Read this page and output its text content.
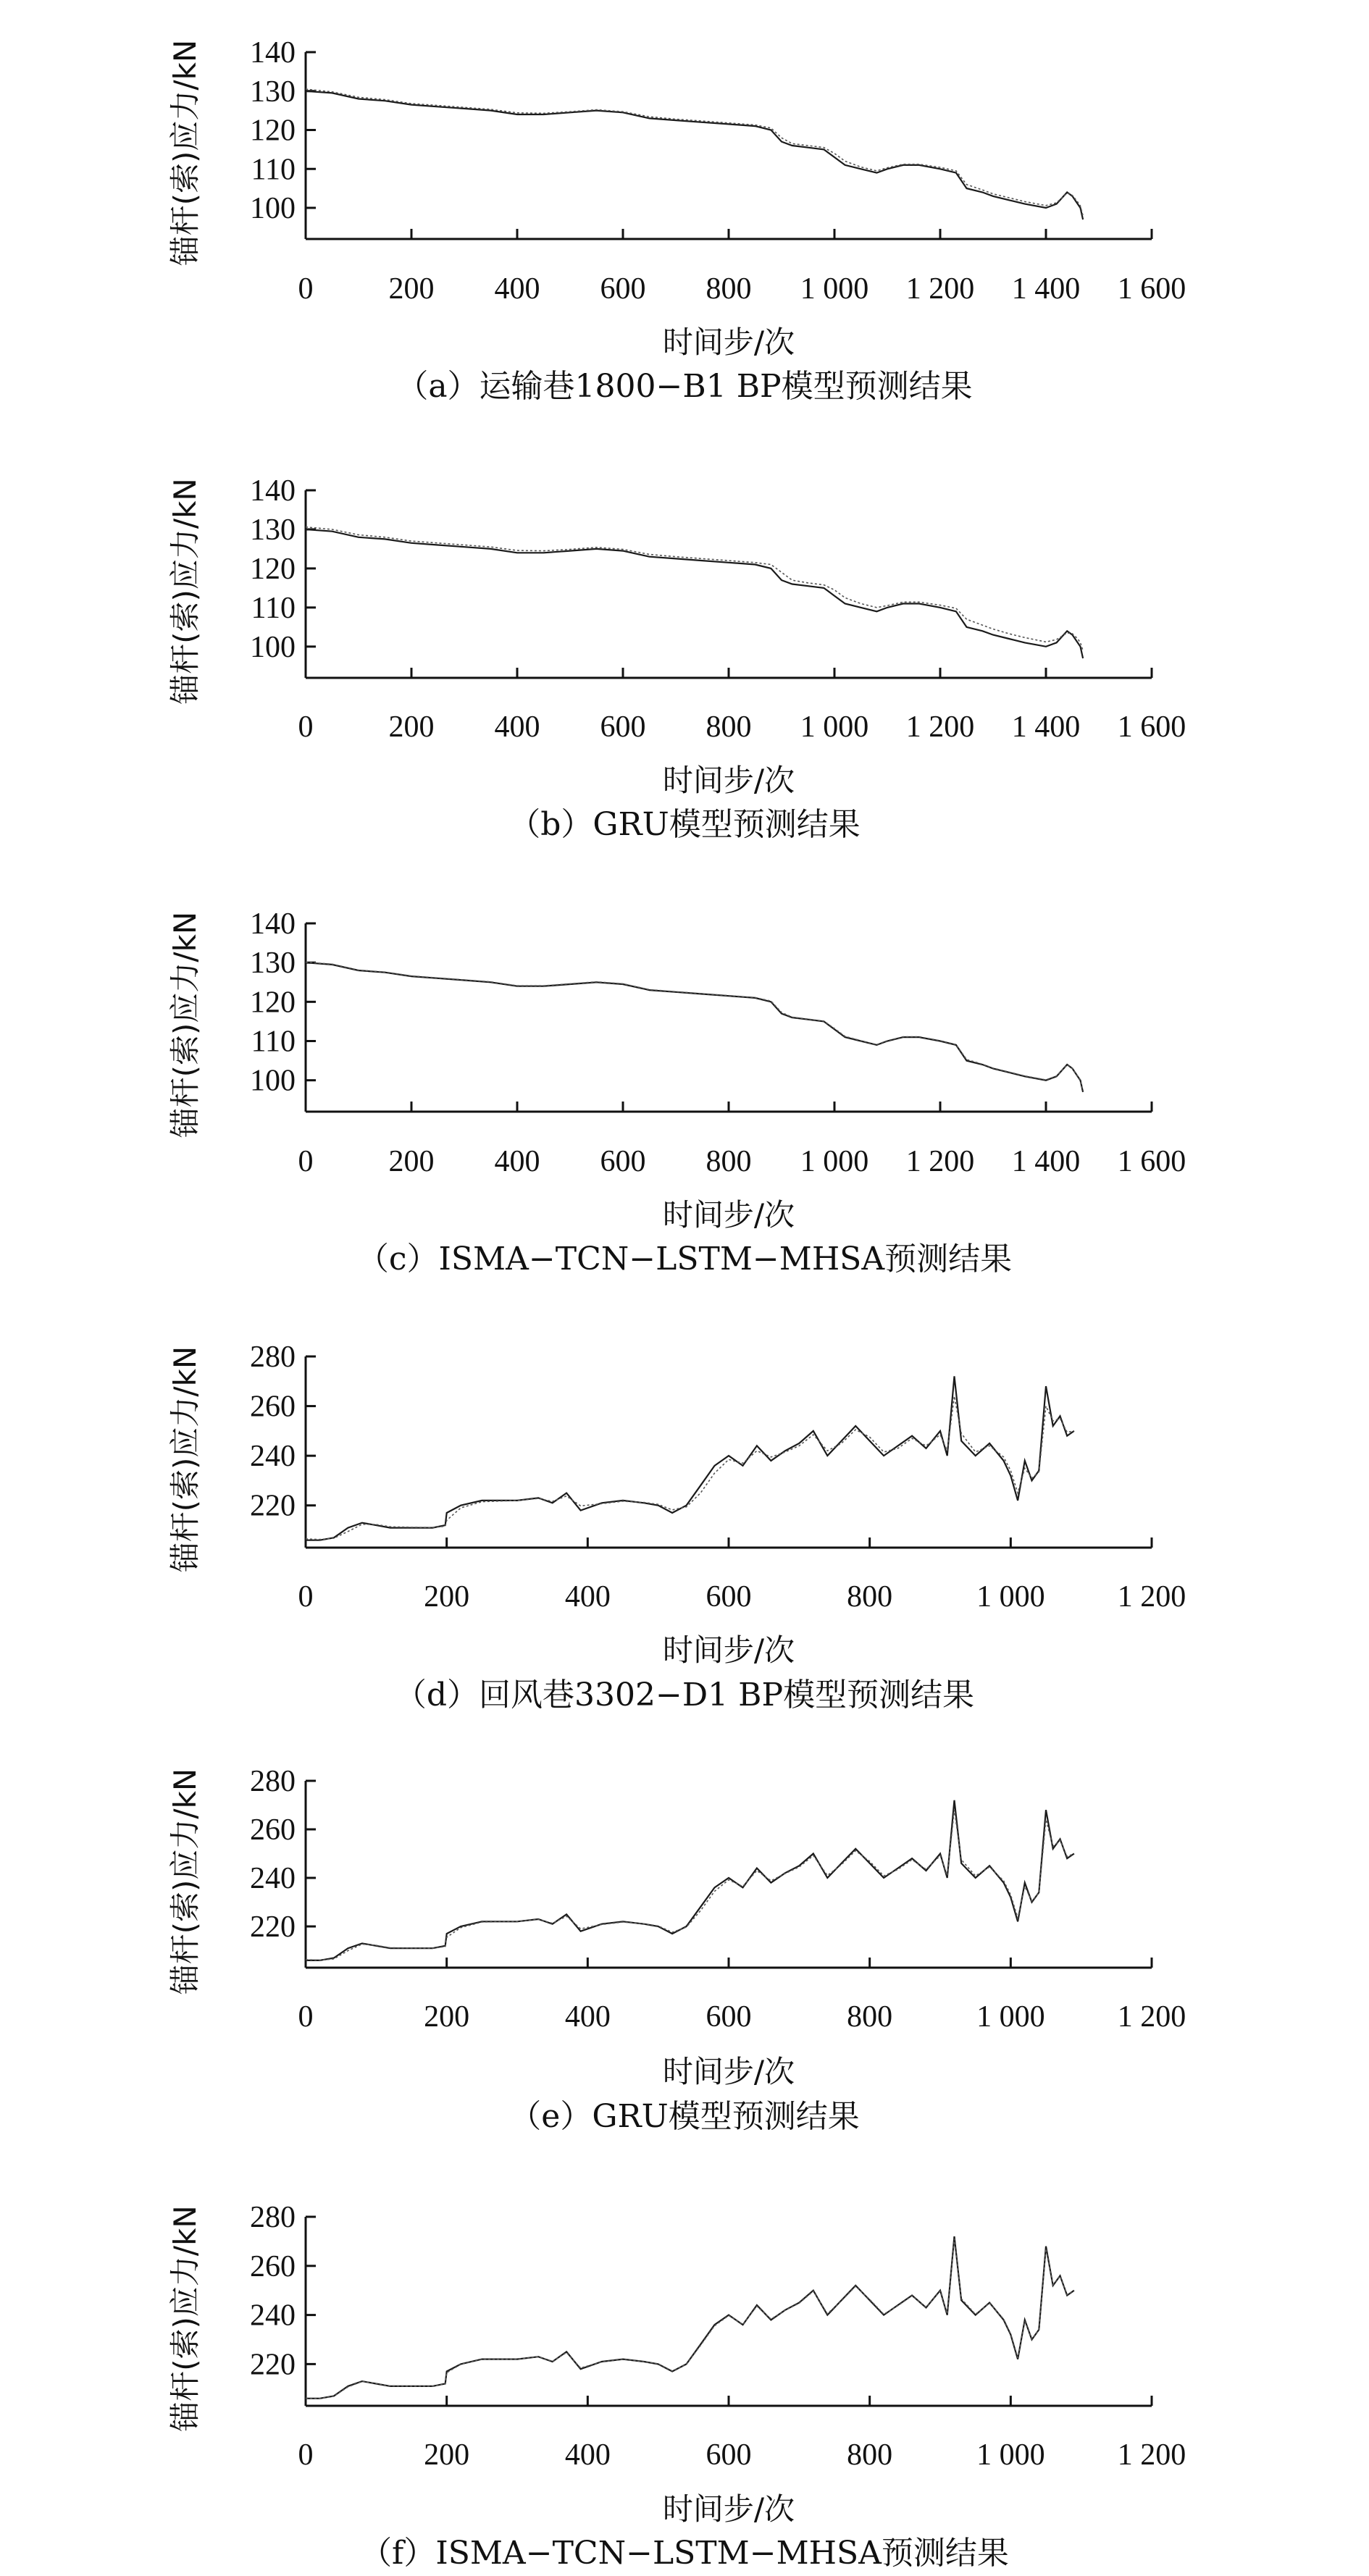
0 200 400 600 800 1 000 1 200 1 400 1 600
100
110
120
130
140
时间步/次
锚杆(索)应力/kN
（a）运输巷1800−B1 BP模型预测结果
0 200 400 600 800 1 000 1 200 1 400 1 600
100
110
120
130
140
时间步/次
锚杆(索)应力/kN
（b）GRU模型预测结果
0 200 400 600 800 1 000 1 200 1 400 1 600
100
110
120
130
140
时间步/次
锚杆(索)应力/kN
（c）ISMA−TCN−LSTM−MHSA预测结果
0	200	400	600	800	1 000 1 200
220
240
260
280
时间步/次
锚杆(索)应力/kN
（d）回风巷3302−D1 BP模型预测结果
0	200	400	600	800	1 000 1 200
220
240
260
280
时间步/次
锚杆(索)应力/kN
（e）GRU模型预测结果
0	200	400	600	800	1 000 1 200
220
240
260
280
时间步/次
锚杆(索)应力/kN
（f）ISMA−TCN−LSTM−MHSA预测结果
